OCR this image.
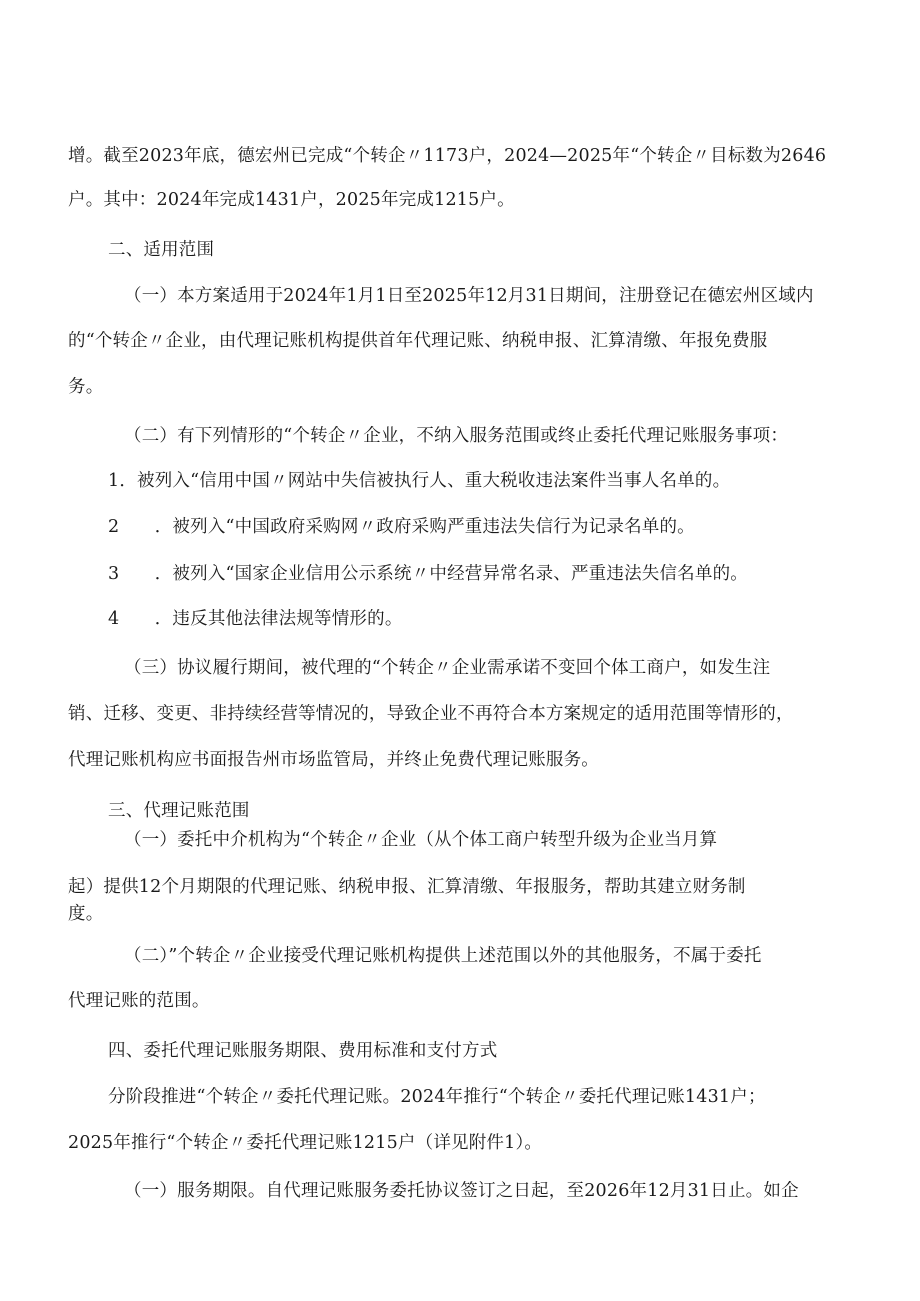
增。截至2023年底，德宏州已完成“个转企〃1173户，2024—2025年“个转企〃目标数为2646
户。其中：2024年完成1431户，2025年完成1215户。
二、适用范围
（一）本方案适用于2024年1月1日至2025年12月31日期间，注册登记在德宏州区域内
的“个转企〃企业，由代理记账机构提供首年代理记账、纳税申报、汇算清缴、年报免费服
务。
（二）有下列情形的“个转企〃企业，不纳入服务范围或终止委托代理记账服务事项：
1．被列入“信用中国〃网站中失信被执行人、重大税收违法案件当事人名单的。
2　　．被列入“中国政府采购网〃政府采购严重违法失信行为记录名单的。
3　　．被列入“国家企业信用公示系统〃中经营异常名录、严重违法失信名单的。
4　　．违反其他法律法规等情形的。
（三）协议履行期间，被代理的“个转企〃企业需承诺不变回个体工商户，如发生注
销、迁移、变更、非持续经营等情况的，导致企业不再符合本方案规定的适用范围等情形的，
代理记账机构应书面报告州市场监管局，并终止免费代理记账服务。
三、代理记账范围
（一）委托中介机构为“个转企〃企业（从个体工商户转型升级为企业当月算
起）提供12个月期限的代理记账、纳税申报、汇算清缴、年报服务，帮助其建立财务制
度。
（二）”个转企〃企业接受代理记账机构提供上述范围以外的其他服务，不属于委托
代理记账的范围。
四、委托代理记账服务期限、费用标准和支付方式
分阶段推进“个转企〃委托代理记账。2024年推行“个转企〃委托代理记账1431户；
2025年推行“个转企〃委托代理记账1215户（详见附件1）。
（一）服务期限。自代理记账服务委托协议签订之日起，至2026年12月31日止。如企
